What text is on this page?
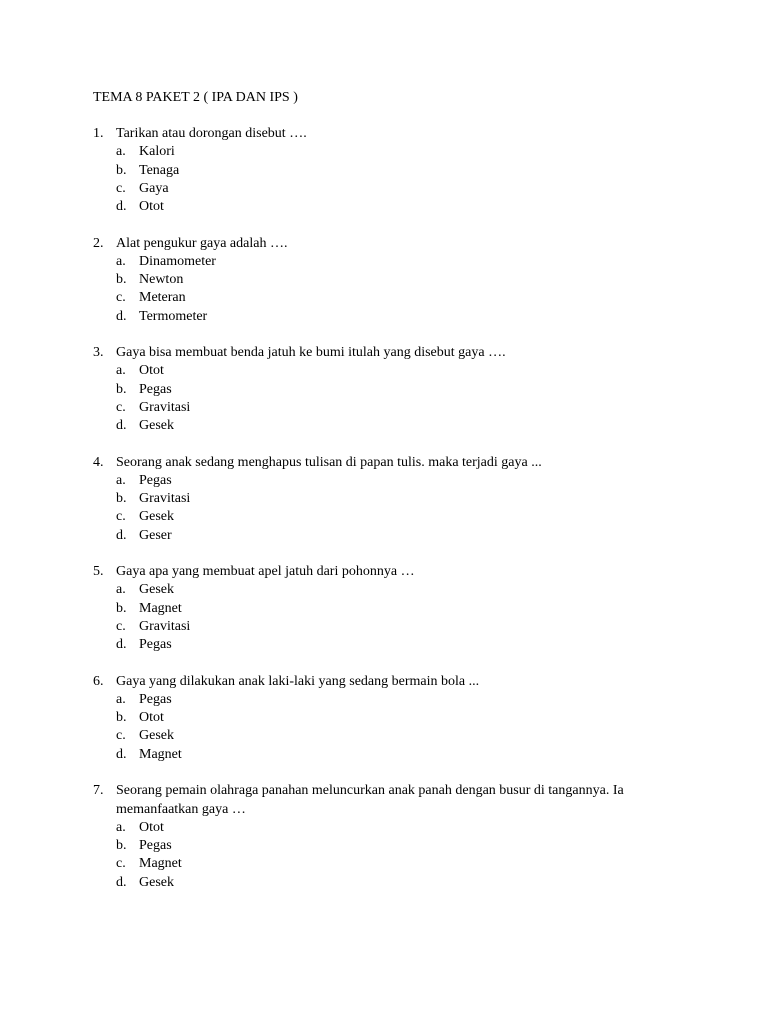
TEMA 8 PAKET 2 ( IPA DAN IPS )
1. Tarikan atau dorongan disebut ….
a. Kalori
b. Tenaga
c. Gaya
d. Otot
2. Alat pengukur gaya adalah ….
a. Dinamometer
b. Newton
c. Meteran
d. Termometer
3. Gaya bisa membuat benda jatuh ke bumi itulah yang disebut gaya ….
a. Otot
b. Pegas
c. Gravitasi
d. Gesek
4. Seorang anak sedang menghapus tulisan di papan tulis. maka terjadi gaya ...
a. Pegas
b. Gravitasi
c. Gesek
d. Geser
5. Gaya apa yang membuat apel jatuh dari pohonnya …
a. Gesek
b. Magnet
c. Gravitasi
d. Pegas
6. Gaya yang dilakukan anak laki-laki yang sedang bermain bola ...
a. Pegas
b. Otot
c. Gesek
d. Magnet
7. Seorang pemain olahraga panahan meluncurkan anak panah dengan busur di tangannya. Ia memanfaatkan gaya …
a. Otot
b. Pegas
c. Magnet
d. Gesek
